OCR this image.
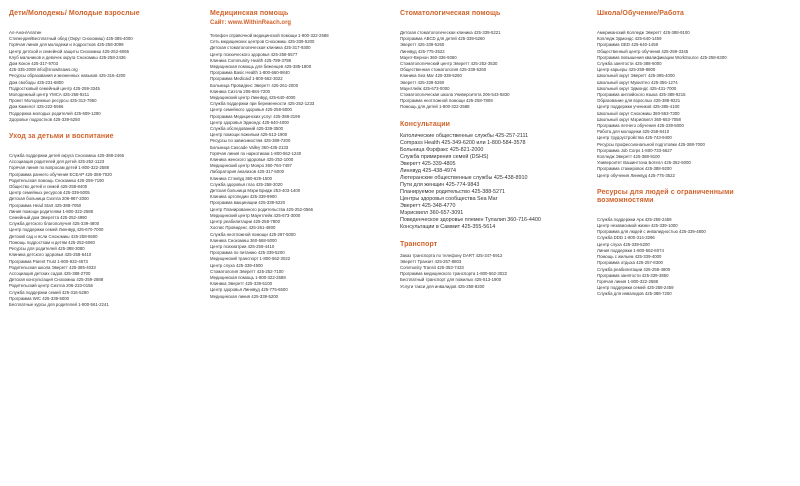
Дети/Молодежь/ Молодые взрослые
Ал-Анон/Алатин
Стипендия/Бесплатный обед (Округ Снохомиш) 425-385-4000
Горячая линия для молодежи и подростков 425-258-3099
Центр детской и семейной защиты Снохомиш 425-252-6066
Клуб мальчиков и девочек округа Снохомиш 425-258-2436
Дом Кокон 425-317-9703
425-335-2008 info@snowitsaws.org
Ресурсы образования и жизненных навыков 425-316-4200
Дом свободы 425-231-6800
Подростковый семейный центр 425-259-3345
Молодежный центр YMCA 425-258-9211
Проект Молодежные ресурсы 425-313-7950
Дом Камелот 425-222-5566
Поддержка молодых родителей 425-609-1290
Здоровье подростков 425-339-5250
Уход за детьми и воспитание
Служба поддержки детей округа Снохомиш 425-388-2466
Ассоциация родителей для детей 425-252-1123
Горячая линия по вопросам детей 1-800-322-2588
Программа раннего обучения ECEAP 425-388-7020
Родительская помощь Снохомиш 425-259-7190
Общество детей и семей 425-258-8400
Центр семейных ресурсов 425-339-5005
Детская больница Сиэтла 206-987-2000
Программа Head Start 425-388-7050
Линия помощи родителям 1-800-322-2588
Семейный дом Эверетта 425-252-4990
Служба детского благополучия 425-339-4800
Центр поддержки семей Линнвуд 425-670-7000
Детский сад и ясли Снохомиш 425-258-5500
Помощь подросткам и детям 425-252-6060
Ресурсы для родителей 425-388-3080
Клиника детского здоровья 425-258-6410
Программа Parent Trust 1-800-932-4673
Родительская школа Эверетт 425-385-4033
Ассоциация детских садов 425-388-2700
Детская консультация Снохомиш 425-259-2888
Родительский центр Сиэтла 206-233-0156
Служба поддержки семей 425-316-5290
Программа WIC 425-339-5000
Бесплатные курсы для родителей 1-800-561-2241
Медицинская помощь
Сайт: www.WithinReach.org
Телефон справочной медицинской помощи 1-800-322-2588
Сеть медицинских центров Снохомиш 425-339-5200
Детская стоматологическая клиника 425-317-9300
Центр психического здоровья 425-258-5577
Клиника Community Health 425-789-3788
Медицинская помощь для беженцев 425-385-1800
Программа Basic Health 1-800-660-9840
Программа Medicaid 1-800-562-3022
Больница Провиденс Эверетт 425-261-2000
Клиника Сиэтла 206-684-7200
Медицинский центр Линнвуд 425-640-4000
Служба поддержки при беременности 425-252-1233
Центр семейного здоровья 425-258-5000
Программа Медицинских услуг 425-388-3199
Центр здоровья Эдмондс 425-640-4000
Служба обследований 425-339-3500
Центр помощи пожилым 425-513-1900
Ресурсы по зависимостям 425-388-7200
Больница Cascade Valley 360-435-2133
Горячая линия по наркотикам 1-800-562-1240
Клиника женского здоровья 425-252-1000
Медицинский центр Монро 360-794-7497
Лаборатория анализов 425-317-5000
Клиника Стэнвуд 360-629-1500
Служба здоровья глаз 425-258-2020
Детская больница Мэри Бридж 253-403-1400
Клиника ортопедии 425-339-9900
Программа вакцинации 425-339-5220
Центр Планированного родительства 425-252-0566
Медицинский центр Маунтлейк 425-673-3000
Центр реабилитации 425-258-7800
Хоспис Провиденс 425-261-4800
Служба неотложной помощи 425-297-5000
Клиника Снохомиш 360-568-5000
Центр психиатрии 425-258-4410
Программа по питанию 425-339-5200
Медицинский транспорт 1-800-562-3022
Центр слуха 425-339-4500
Стоматология Эверетт 425-252-7100
Медицинская помощь 1-800-322-2588
Клиника Эверетт 425-339-5100
Центр здоровья Линнвуд 425-775-6500
Медицинская линия 425-339-5200
Стоматологическая помощь
Детская стоматологическая клиника 425-339-5221
Программа ABCD для детей 425-339-5260
Эверетт 425-339-5260
Линнвуд 425-775-3522
Маунт-Вернон 360-336-9360
Стоматологический центр Эверетт 425-252-3530
Общественная стоматология 425-339-5260
Клиника Sea Mar 425-339-5260
Эверетт 425-339-5260
Маунтлейк 425-673-0000
Стоматологическая школа Университета 206-543-5830
Программа неотложной помощи 425-258-7808
Помощь для детей 1-800-322-2588
Консультации
Католические общественные службы 425-257-2111
Compass Health 425-349-6200 или 1-800-584-3578
Больница Фэрфакс 425-821-2000
Служба примирения семей (DSHS)
Эверетт 425-339-4805
Линнвуд 425-438-4974
Лютеранские общественные службы 425-438-8910
Пути для женщин 425-774-9843
Планируемое родительство 425-388-5271
Центры здоровья сообщества Sea Mar
Эверетт 425-348-4770
Мэрисвилл 360-657-3091
Поведенческое здоровье племен Тулалип 360-716-4400
Консультации в Саммит 425-355-5614
Транспорт
Заказ транспорта по телефону DART 425-347-5912
Эверетт Транзит 425-257-8803
Community Transit 425-353-7433
Программа медицинского транспорта 1-800-562-3022
Бесплатный транспорт для пожилых 425-513-1900
Услуги такси для инвалидов 425-258-8200
Школа/Обучение/Работа
Американский Колледж Эверетт 425-388-9100
Колледж Эдмондс 425-640-1459
Программа GED 425-640-1459
Общественный центр обучения 425-259-3345
Программа повышения квалификации WorkSource 425-258-6300
Служба занятости 425-388-6000
Центр карьеры 425-259-8800
Школьный округ Эверетт 425-385-4000
Школьный округ Мукилтео 425-356-1274
Школьный округ Эдмондс 425-431-7000
Программа английского языка 425-388-9215
Образование для взрослых 425-388-9221
Центр поддержки учеников 425-385-4100
Школьный округ Снохомиш 360-563-7300
Школьный округ Мэрисвилл 360-653-7058
Программа летнего обучения 425-339-5000
Работа для молодежи 425-258-8410
Центр трудоустройства 425-743-9400
Ресурсы профессиональной подготовки 425-388-7000
Программа Job Corps 1-800-733-5627
Колледж Эверетт 425-388-9100
Университет Вашингтона Ботелл 425-352-5000
Программа стажировок 425-388-9200
Центр обучения Линнвуд 425-775-3522
Ресурсы для людей с ограниченными возможностями
Служба поддержки Арк 425-258-2459
Центр независимой жизни 425-339-1000
Программа для людей с инвалидностью 425-339-4800
Служба DDD 1-800-314-3296
Центр слуха 425-339-5200
Линия поддержки 1-800-562-6074
Помощь с жильем 425-339-4000
Программа отдыха 425-257-8300
Служба реабилитации 425-258-4800
Программа занятости 425-339-3850
Горячая линия 1-800-322-2588
Центр поддержки семей 425-258-2459
Служба для инвалидов 425-388-7200
